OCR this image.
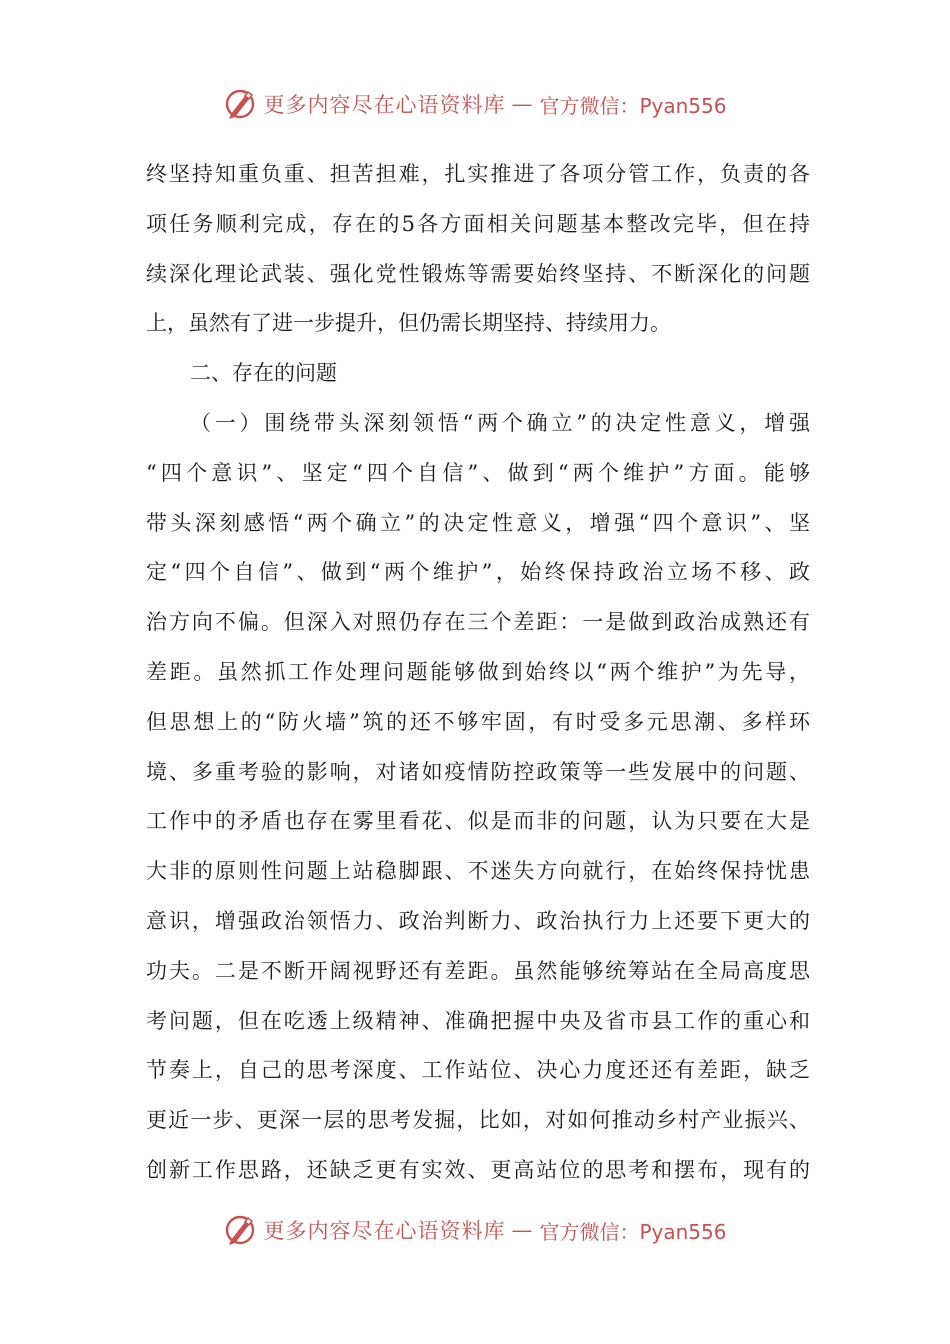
更多内容尽在心语资料库 — 官方微信：Pyan556
终坚持知重负重、担苦担难，扎实推进了各项分管工作，负责的各
项任务顺利完成，存在的5各方面相关问题基本整改完毕，但在持
续深化理论武装、强化党性锻炼等需要始终坚持、不断深化的问题
上，虽然有了进一步提升，但仍需长期坚持、持续用力。
二、存在的问题
（一）围绕带头深刻领悟“两个确立”的决定性意义，增强
“四个意识”、坚定“四个自信”、做到“两个维护”方面。能够
带头深刻感悟“两个确立”的决定性意义，增强“四个意识”、坚
定“四个自信”、做到“两个维护”，始终保持政治立场不移、政
治方向不偏。但深入对照仍存在三个差距：一是做到政治成熟还有
差距。虽然抓工作处理问题能够做到始终以“两个维护”为先导，
但思想上的“防火墙”筑的还不够牢固，有时受多元思潮、多样环
境、多重考验的影响，对诸如疫情防控政策等一些发展中的问题、
工作中的矛盾也存在雾里看花、似是而非的问题，认为只要在大是
大非的原则性问题上站稳脚跟、不迷失方向就行，在始终保持忧患
意识，增强政治领悟力、政治判断力、政治执行力上还要下更大的
功夫。二是不断开阔视野还有差距。虽然能够统筹站在全局高度思
考问题，但在吃透上级精神、准确把握中央及省市县工作的重心和
节奏上，自己的思考深度、工作站位、决心力度还还有差距，缺乏
更近一步、更深一层的思考发掘，比如，对如何推动乡村产业振兴、
创新工作思路，还缺乏更有实效、更高站位的思考和摆布，现有的
更多内容尽在心语资料库 — 官方微信：Pyan556
